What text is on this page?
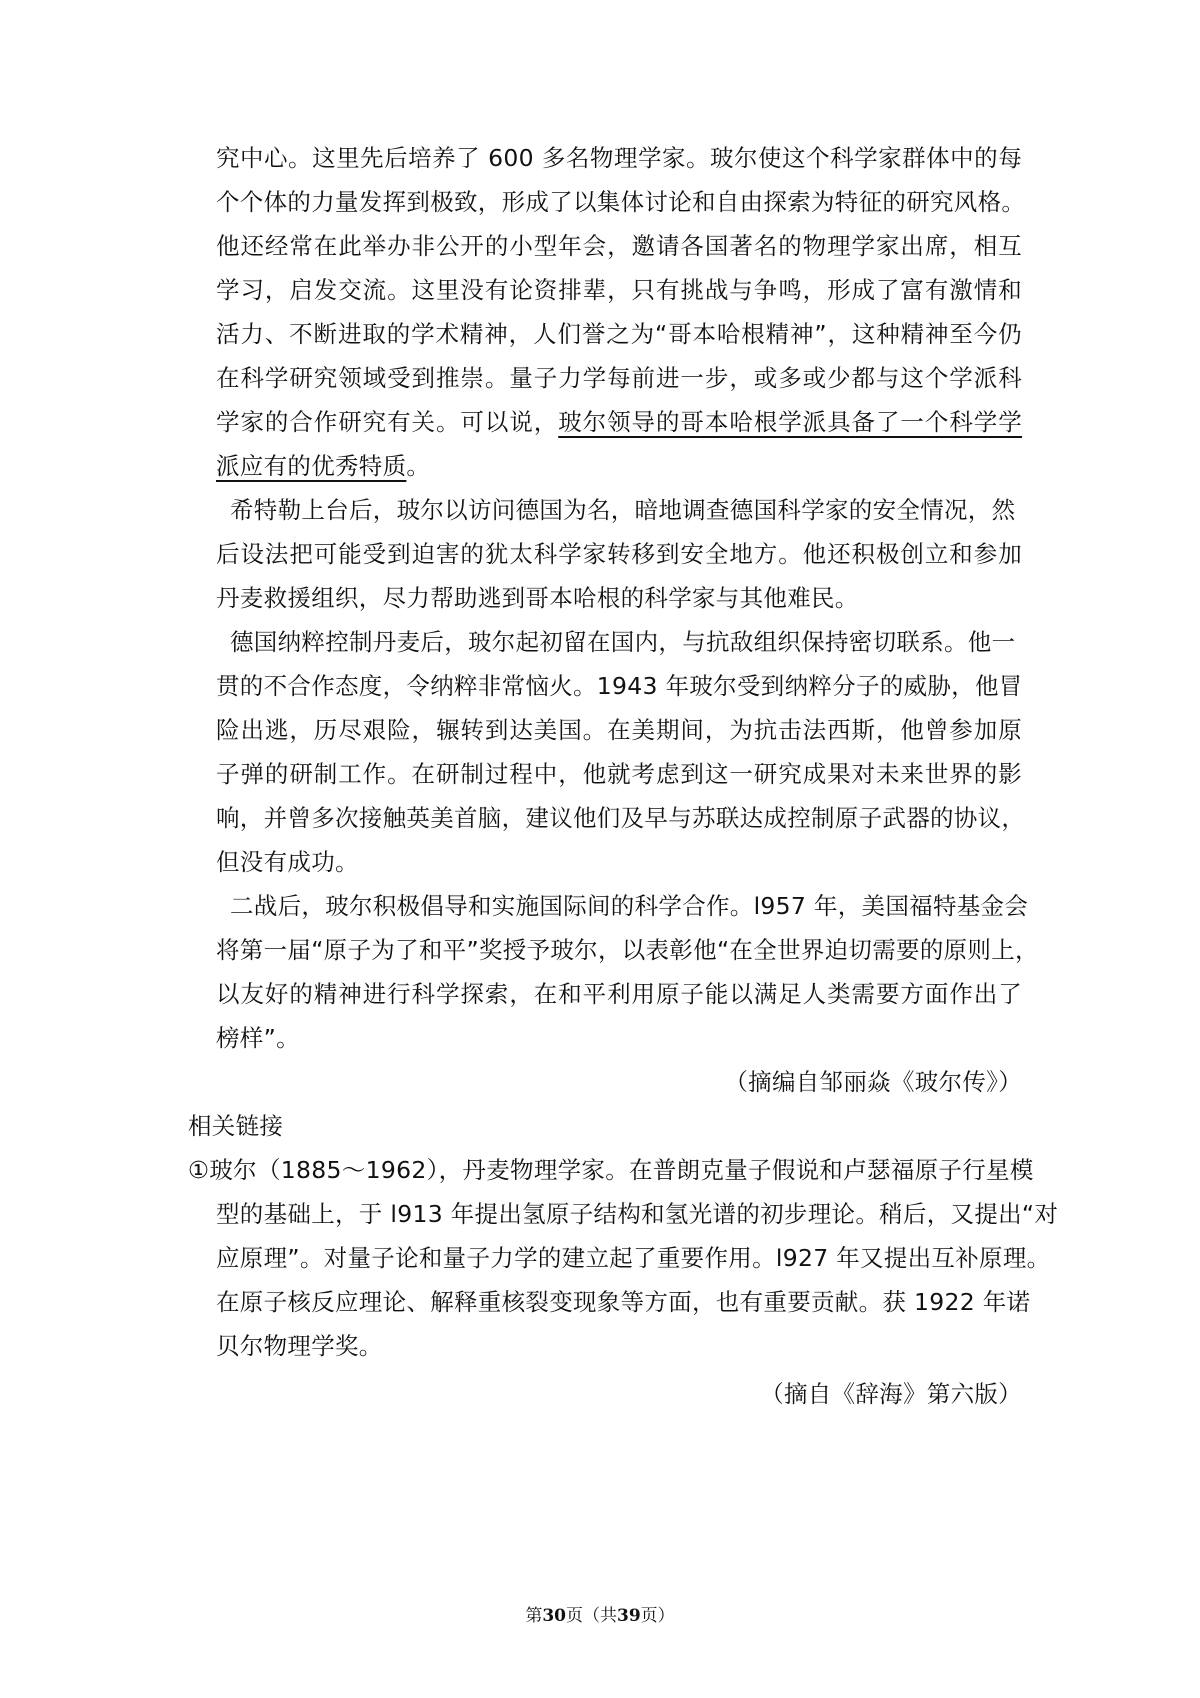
究中心。这里先后培养了 600 多名物理学家。玻尔使这个科学家群体中的每
个个体的力量发挥到极致，形成了以集体讨论和自由探索为特征的研究风格。
他还经常在此举办非公开的小型年会，邀请各国著名的物理学家出席，相互
学习，启发交流。这里没有论资排辈，只有挑战与争鸣，形成了富有激情和
活力、不断进取的学术精神，人们誉之为“哥本哈根精神”，这种精神至今仍
在科学研究领域受到推崇。量子力学每前进一步，或多或少都与这个学派科
学家的合作研究有关。可以说，玻尔领导的哥本哈根学派具备了一个科学学
派应有的优秀特质。
希特勒上台后，玻尔以访问德国为名，暗地调查德国科学家的安全情况，然
后设法把可能受到迫害的犹太科学家转移到安全地方。他还积极创立和参加
丹麦救援组织，尽力帮助逃到哥本哈根的科学家与其他难民。
德国纳粹控制丹麦后，玻尔起初留在国内，与抗敌组织保持密切联系。他一
贯的不合作态度，令纳粹非常恼火。1943 年玻尔受到纳粹分子的威胁，他冒
险出逃，历尽艰险，辗转到达美国。在美期间，为抗击法西斯，他曾参加原
子弹的研制工作。在研制过程中，他就考虑到这一研究成果对未来世界的影
响，并曾多次接触英美首脑，建议他们及早与苏联达成控制原子武器的协议，
但没有成功。
二战后，玻尔积极倡导和实施国际间的科学合作。l957 年，美国福特基金会
将第一届“原子为了和平”奖授予玻尔，以表彰他“在全世界迫切需要的原则上，
以友好的精神进行科学探索，在和平利用原子能以满足人类需要方面作出了
榜样”。
（摘编自邹丽焱《玻尔传》）
相关链接
①玻尔（1885～1962），丹麦物理学家。在普朗克量子假说和卢瑟福原子行星模
型的基础上，于 l913 年提出氢原子结构和氢光谱的初步理论。稍后，又提出“对
应原理”。对量子论和量子力学的建立起了重要作用。l927 年又提出互补原理。
在原子核反应理论、解释重核裂变现象等方面，也有重要贡献。获 1922 年诺
贝尔物理学奖。
（摘自《辞海》第六版）
第30页（共39页）
